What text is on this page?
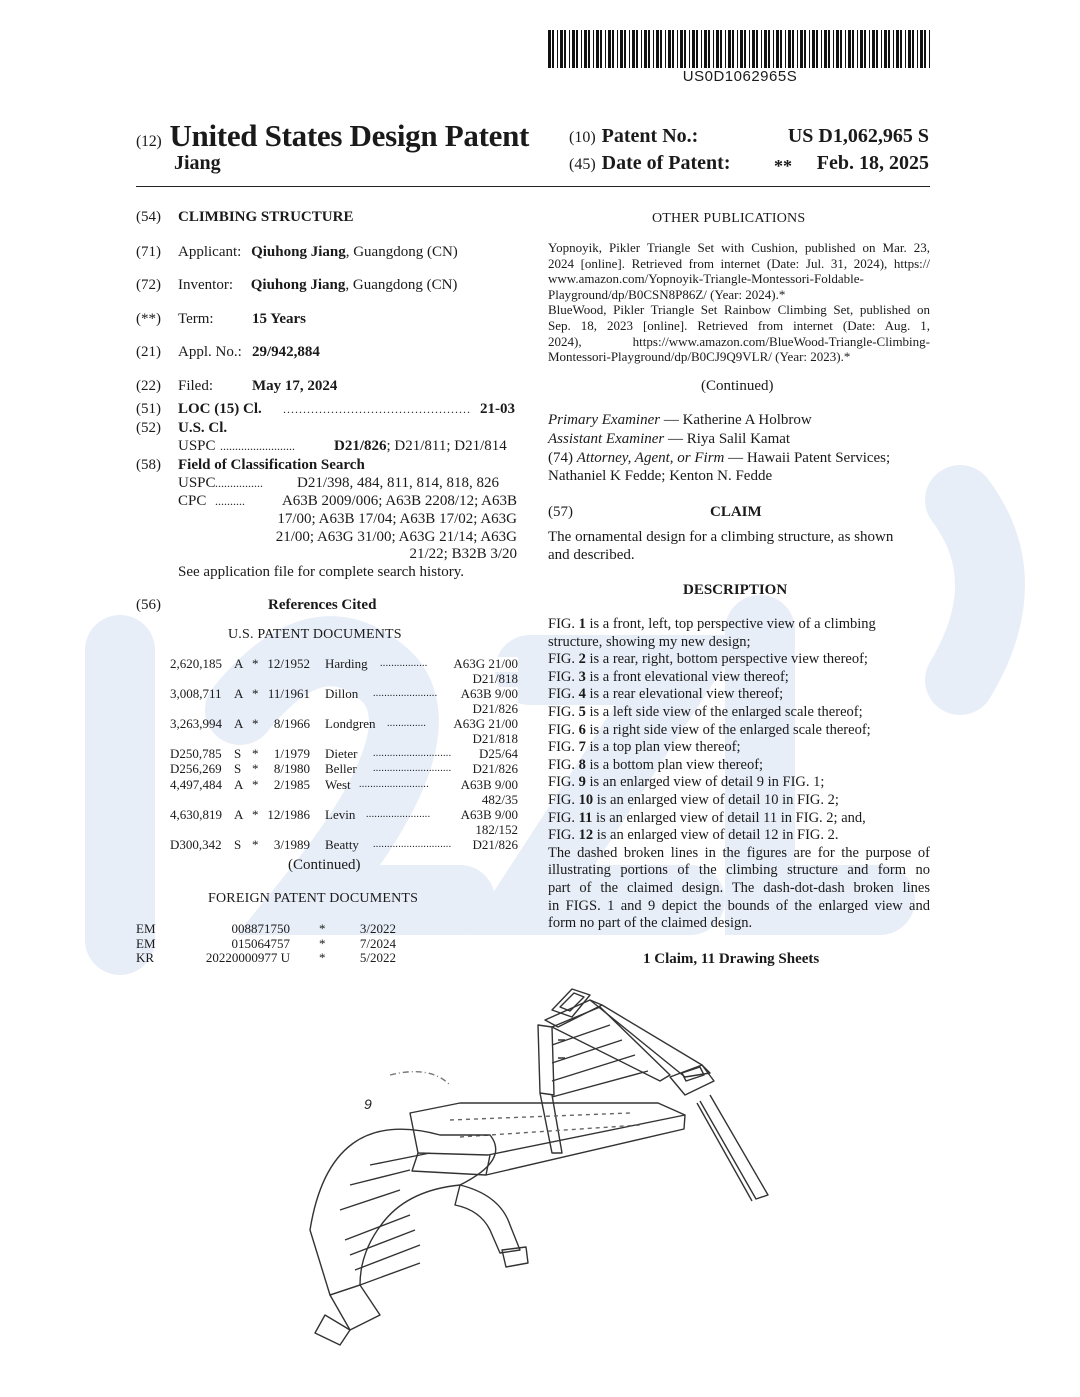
US0D1062965S
(12) United States Design Patent
Jiang
(10) Patent No.:	US D1,062,965 S
(45) Date of Patent: ** Feb. 18, 2025
(54) CLIMBING STRUCTURE
(71) Applicant: Qiuhong Jiang, Guangdong (CN)
(72) Inventor: Qiuhong Jiang, Guangdong (CN)
(**) Term:	15 Years
(21) Appl. No.: 29/942,884
(22) Filed:	May 17, 2024
(51) LOC (15) Cl. ............................................... 21-03
(52) U.S. Cl.
USPC .........................	D21/826; D21/811; D21/814
(58) Field of Classification Search
USPC ................ D21/398, 484, 811, 814, 818, 826
CPC .......... A63B 2009/006; A63B 2208/12; A63B
17/00; A63B 17/04; A63B 17/02; A63G
21/00; A63G 31/00; A63G 21/14; A63G
21/22; B32B 3/20
See application file for complete search history.
(56)	References Cited
U.S. PATENT DOCUMENTS
2,620,185 A * 12/1952 Harding ................. A63G 21/00
D21/818
3,008,711 A * 11/1961 Dillon ....................... A63B 9/00
D21/826
3,263,994 A *	8/1966 Londgren .............. A63G 21/00
D21/818
D250,785 S *	1/1979 Dieter ............................ D25/64
D256,269 S *	8/1980 Beller ............................ D21/826
4,497,484 A *	2/1985 West ......................... A63B 9/00
482/35
4,630,819 A * 12/1986 Levin ....................... A63B 9/00
182/152
D300,342 S *	3/1989 Beatty ............................ D21/826
(Continued)
FOREIGN PATENT DOCUMENTS
EM	008871750 *	3/2022
EM	015064757 *	7/2024
KR	20220000977 U *	5/2022
OTHER PUBLICATIONS
Yopnoyik, Pikler Triangle Set with Cushion, published on Mar. 23,
2024 [online]. Retrieved from internet (Date: Jul. 31, 2024), https://
www.amazon.com/Yopnoyik-Triangle-Montessori-Foldable-
Playground/dp/B0CSN8P86Z/ (Year: 2024).*
BlueWood, Pikler Triangle Set Rainbow Climbing Set, published on
Sep. 18, 2023 [online]. Retrieved from internet (Date: Aug. 1,
2024), https://www.amazon.com/BlueWood-Triangle-Climbing-
Montessori-Playground/dp/B0CJ9Q9VLR/ (Year: 2023).*
(Continued)
Primary Examiner — Katherine A Holbrow
Assistant Examiner — Riya Salil Kamat
(74) Attorney, Agent, or Firm — Hawaii Patent Services;
Nathaniel K Fedde; Kenton N. Fedde
(57)	CLAIM
The ornamental design for a climbing structure, as shown
and described.
DESCRIPTION
FIG. 1 is a front, left, top perspective view of a climbing
structure, showing my new design;
FIG. 2 is a rear, right, bottom perspective view thereof;
FIG. 3 is a front elevational view thereof;
FIG. 4 is a rear elevational view thereof;
FIG. 5 is a left side view of the enlarged scale thereof;
FIG. 6 is a right side view of the enlarged scale thereof;
FIG. 7 is a top plan view thereof;
FIG. 8 is a bottom plan view thereof;
FIG. 9 is an enlarged view of detail 9 in FIG. 1;
FIG. 10 is an enlarged view of detail 10 in FIG. 2;
FIG. 11 is an enlarged view of detail 11 in FIG. 2; and,
FIG. 12 is an enlarged view of detail 12 in FIG. 2.
The dashed broken lines in the figures are for the purpose of
illustrating portions of the climbing structure and form no
part of the claimed design. The dash-dot-dash broken lines
in FIGS. 1 and 9 depict the bounds of the enlarged view and
form no part of the claimed design.
1 Claim, 11 Drawing Sheets
9
